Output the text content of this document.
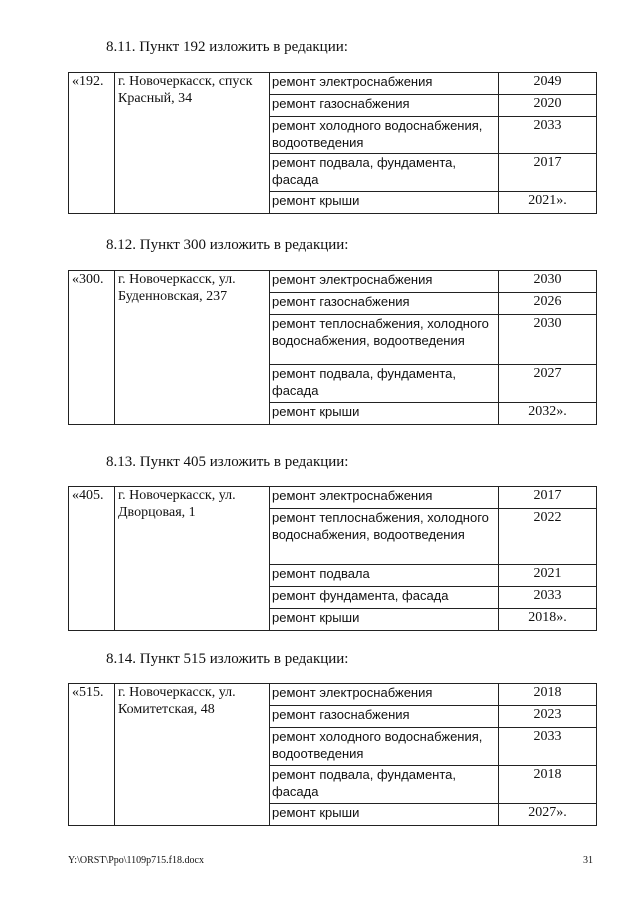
8.11. Пункт 192 изложить в редакции:
«192.	г. Новочеркасск, спуск Красный, 34	ремонт электроснабжения	2049
		ремонт газоснабжения	2020
		ремонт холодного водоснабжения, водоотведения	2033
		ремонт подвала, фундамента, фасада	2017
		ремонт крыши	2021».
8.12. Пункт 300 изложить в редакции:
«300.	г. Новочеркасск, ул. Буденновская, 237	ремонт электроснабжения	2030
		ремонт газоснабжения	2026
		ремонт теплоснабжения, холодного водоснабжения, водоотведения	2030
		ремонт подвала, фундамента, фасада	2027
		ремонт крыши	2032».
8.13. Пункт 405 изложить в редакции:
«405.	г. Новочеркасск, ул. Дворцовая, 1	ремонт электроснабжения	2017
		ремонт теплоснабжения, холодного водоснабжения, водоотведения	2022
		ремонт подвала	2021
		ремонт фундамента, фасада	2033
		ремонт крыши	2018».
8.14. Пункт 515 изложить в редакции:
«515.	г. Новочеркасск, ул. Комитетская, 48	ремонт электроснабжения	2018
		ремонт газоснабжения	2023
		ремонт холодного водоснабжения, водоотведения	2033
		ремонт подвала, фундамента, фасада	2018
		ремонт крыши	2027».
Y:\ORST\Ppo\1109p715.f18.docx	31
